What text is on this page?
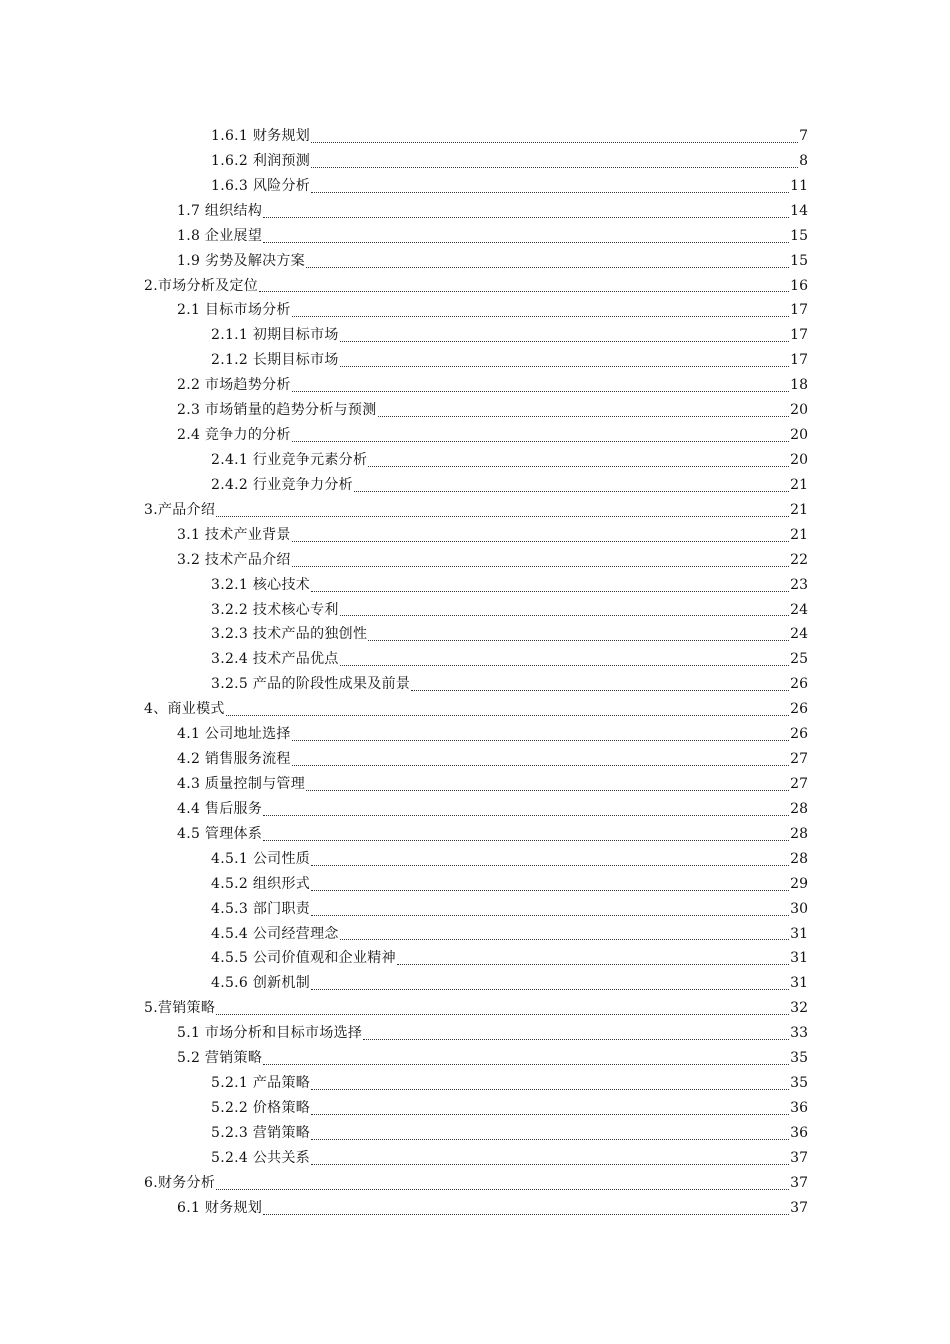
1.6.1 财务规划	7
1.6.2 利润预测	8
1.6.3 风险分析	11
1.7 组织结构	14
1.8 企业展望	15
1.9 劣势及解决方案	15
2.市场分析及定位	16
2.1 目标市场分析	17
2.1.1 初期目标市场	17
2.1.2 长期目标市场	17
2.2 市场趋势分析	18
2.3 市场销量的趋势分析与预测	20
2.4 竞争力的分析	20
2.4.1 行业竞争元素分析	20
2.4.2 行业竞争力分析	21
3.产品介绍	21
3.1 技术产业背景	21
3.2 技术产品介绍	22
3.2.1 核心技术	23
3.2.2 技术核心专利	24
3.2.3 技术产品的独创性	24
3.2.4 技术产品优点	25
3.2.5 产品的阶段性成果及前景	26
4、商业模式	26
4.1 公司地址选择	26
4.2 销售服务流程	27
4.3 质量控制与管理	27
4.4 售后服务	28
4.5 管理体系	28
4.5.1 公司性质	28
4.5.2 组织形式	29
4.5.3 部门职责	30
4.5.4 公司经营理念	31
4.5.5 公司价值观和企业精神	31
4.5.6 创新机制	31
5.营销策略	32
5.1 市场分析和目标市场选择	33
5.2 营销策略	35
5.2.1 产品策略	35
5.2.2 价格策略	36
5.2.3 营销策略	36
5.2.4 公共关系	37
6.财务分析	37
6.1 财务规划	37
